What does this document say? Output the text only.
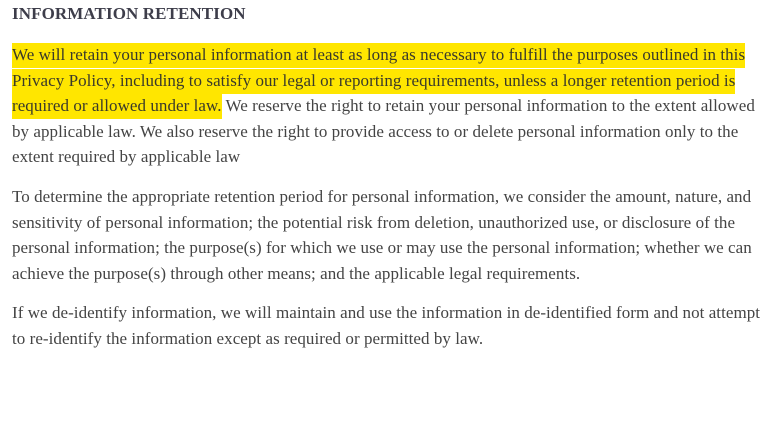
INFORMATION RETENTION

We will retain your personal information at least as long as necessary to fulfill the purposes outlined in this Privacy Policy, including to satisfy our legal or reporting requirements, unless a longer retention period is required or allowed under law. We reserve the right to retain your personal information to the extent allowed by applicable law. We also reserve the right to provide access to or delete personal information only to the extent required by applicable law

To determine the appropriate retention period for personal information, we consider the amount, nature, and sensitivity of personal information; the potential risk from deletion, unauthorized use, or disclosure of the personal information; the purpose(s) for which we use or may use the personal information; whether we can achieve the purpose(s) through other means; and the applicable legal requirements.

If we de-identify information, we will maintain and use the information in de-identified form and not attempt to re-identify the information except as required or permitted by law.
